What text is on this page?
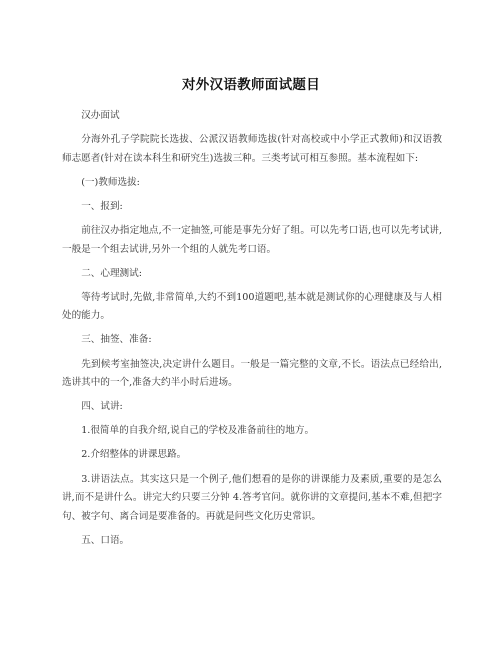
对外汉语教师面试题目

汉办面试

分海外孔子学院院长选拔、公派汉语教师选拔(针对高校或中小学正式教师)和汉语教师志愿者(针对在读本科生和研究生)选拔三种。三类考试可相互参照。基本流程如下:

(一)教师选拔:

一、报到:

前往汉办指定地点,不一定抽签,可能是事先分好了组。可以先考口语,也可以先考试讲,一般是一个组去试讲,另外一个组的人就先考口语。

二、心理测试:

等待考试时,先做,非常简单,大约不到100道题吧,基本就是测试你的心理健康及与人相处的能力。

三、抽签、准备:

先到候考室抽签决,决定讲什么题目。一般是一篇完整的文章,不长。语法点已经给出,选讲其中的一个,准备大约半小时后进场。

四、试讲:

1.很简单的自我介绍,说自己的学校及准备前往的地方。

2.介绍整体的讲课思路。

3.讲语法点。其实这只是一个例子,他们想看的是你的讲课能力及素质,重要的是怎么讲,而不是讲什么。讲完大约只要三分钟 4.答考官问。就你讲的文章提问,基本不难,但把字句、被字句、离合词是要准备的。再就是问些文化历史常识。

五、口语。
